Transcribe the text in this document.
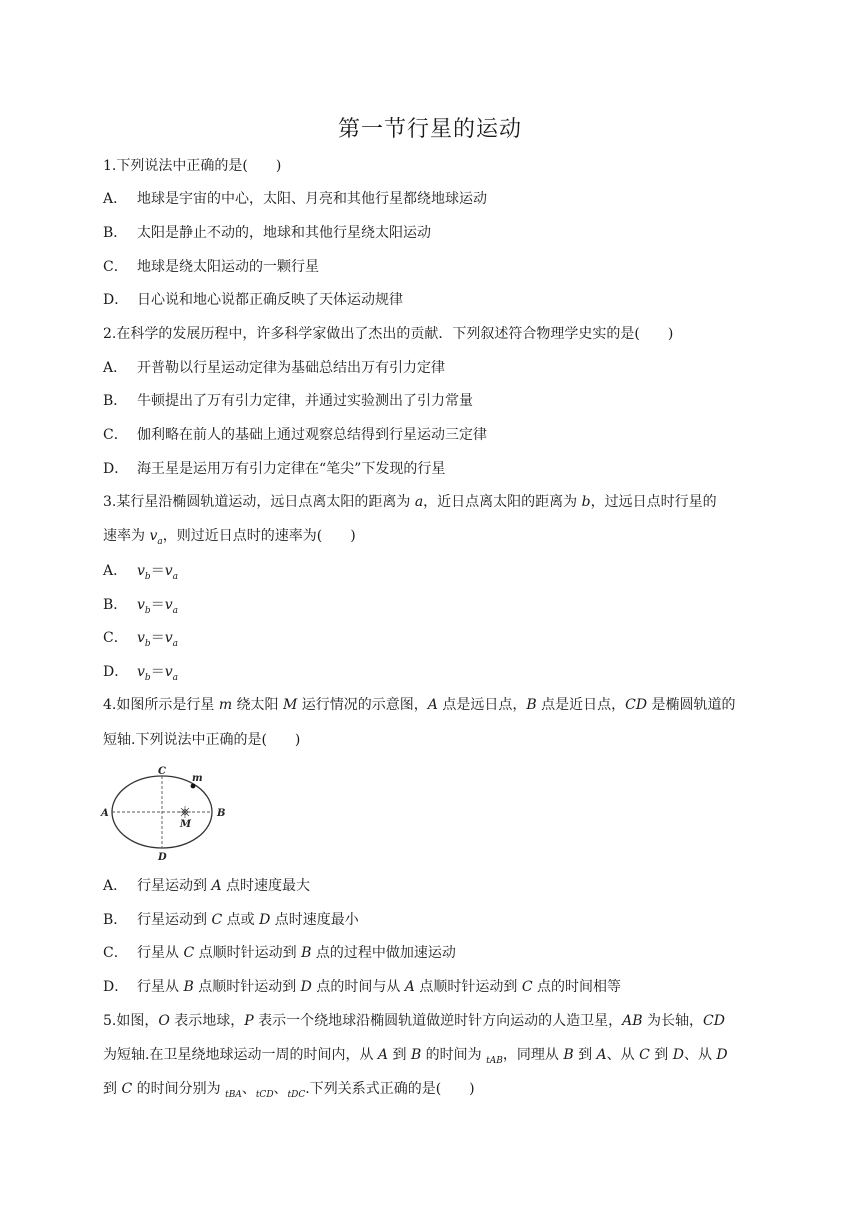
第一节行星的运动
1.下列说法中正确的是(　　)
A． 地球是宇宙的中心，太阳、月亮和其他行星都绕地球运动
B． 太阳是静止不动的，地球和其他行星绕太阳运动
C． 地球是绕太阳运动的一颗行星
D． 日心说和地心说都正确反映了天体运动规律
2.在科学的发展历程中，许多科学家做出了杰出的贡献．下列叙述符合物理学史实的是(　　)
A． 开普勒以行星运动定律为基础总结出万有引力定律
B． 牛顿提出了万有引力定律，并通过实验测出了引力常量
C． 伽利略在前人的基础上通过观察总结得到行星运动三定律
D． 海王星是运用万有引力定律在“笔尖”下发现的行星
3.某行星沿椭圆轨道运动，远日点离太阳的距离为 a，近日点离太阳的距离为 b，过远日点时行星的
速率为 $v_a$，则过近日点时的速率为(　　)
A． $v_b=v_a$
B． $v_b=v_a$
C． $v_b=v_a$
D． $v_b=v_a$
4.如图所示是行星 m 绕太阳 M 运行情况的示意图，A 点是远日点，B 点是近日点，CD 是椭圆轨道的
短轴.下列说法中正确的是(　　)
C
m
A	B
M
D
A． 行星运动到 A 点时速度最大
B． 行星运动到 C 点或 D 点时速度最小
C． 行星从 C 点顺时针运动到 B 点的过程中做加速运动
D． 行星从 B 点顺时针运动到 D 点的时间与从 A 点顺时针运动到 C 点的时间相等
5.如图，O 表示地球，P 表示一个绕地球沿椭圆轨道做逆时针方向运动的人造卫星，AB 为长轴，CD
为短轴.在卫星绕地球运动一周的时间内，从 A 到 B 的时间为 $_{tAB}$，同理从 B 到 A、从 C 到 D、从 D
到 C 的时间分别为 $_{tBA}$、$_{tCD}$、$_{tDC}$.下列关系式正确的是(　　)
